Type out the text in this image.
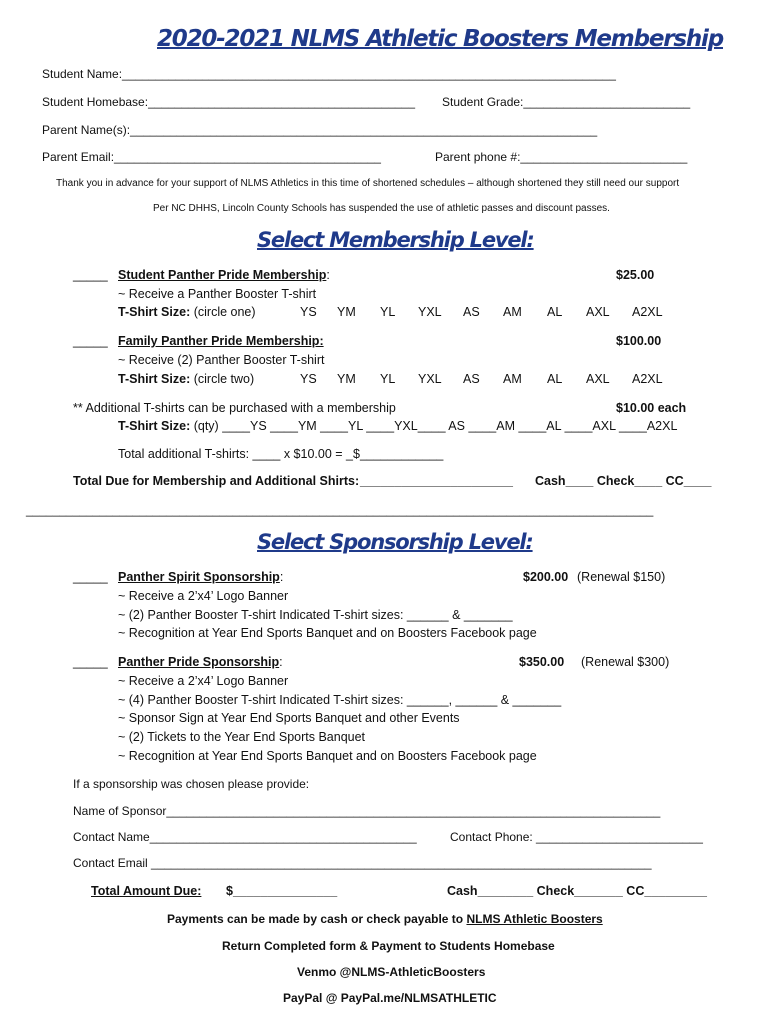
2020-2021 NLMS Athletic Boosters Membership
Student Name:__________________________________________________________________________
Student Homebase:________________________________________ Student Grade:_________________________
Parent Name(s):______________________________________________________________________
Parent Email:________________________________________	Parent phone #:_________________________
Thank you in advance for your support of NLMS Athletics in this time of shortened schedules – although shortened they still need our support
Per NC DHHS, Lincoln County Schools has suspended the use of athletic passes and discount passes.
Select Membership Level:
_____ Student Panther Pride Membership:	$25.00
~ Receive a Panther Booster T-shirt
T-Shirt Size: (circle one)	YS YM YL YXL AS AM AL AXL A2XL
_____ Family Panther Pride Membership:	$100.00
~ Receive (2) Panther Booster T-shirt
T-Shirt Size: (circle two)	YS YM YL YXL AS AM AL AXL A2XL
** Additional T-shirts can be purchased with a membership	$10.00 each
T-Shirt Size: (qty) ____YS ____YM ____YL ____YXL____ AS ____AM ____AL ____AXL ____A2XL
Total additional T-shirts: ____ x $10.00 = _$____________
Total Due for Membership and Additional Shirts: ______________________ Cash____ Check____ CC____
______________________________________________________________________________________________
Select Sponsorship Level:
_____ Panther Spirit Sponsorship:	$200.00 (Renewal $150)
~ Receive a 2’x4’ Logo Banner
~ (2) Panther Booster T-shirt Indicated T-shirt sizes: ______ & _______
~ Recognition at Year End Sports Banquet and on Boosters Facebook page
_____ Panther Pride Sponsorship:	$350.00 (Renewal $300)
~ Receive a 2’x4’ Logo Banner
~ (4) Panther Booster T-shirt Indicated T-shirt sizes: ______, ______ & _______
~ Sponsor Sign at Year End Sports Banquet and other Events
~ (2) Tickets to the Year End Sports Banquet
~ Recognition at Year End Sports Banquet and on Boosters Facebook page
If a sponsorship was chosen please provide:
Name of Sponsor__________________________________________________________________________
Contact Name________________________________________	Contact Phone: _________________________
Contact Email ___________________________________________________________________________
Total Amount Due: $_______________	Cash________ Check_______ CC_________
Payments can be made by cash or check payable to NLMS Athletic Boosters
Return Completed form & Payment to Students Homebase
Venmo @NLMS-AthleticBoosters
PayPal @ PayPal.me/NLMSATHLETIC
